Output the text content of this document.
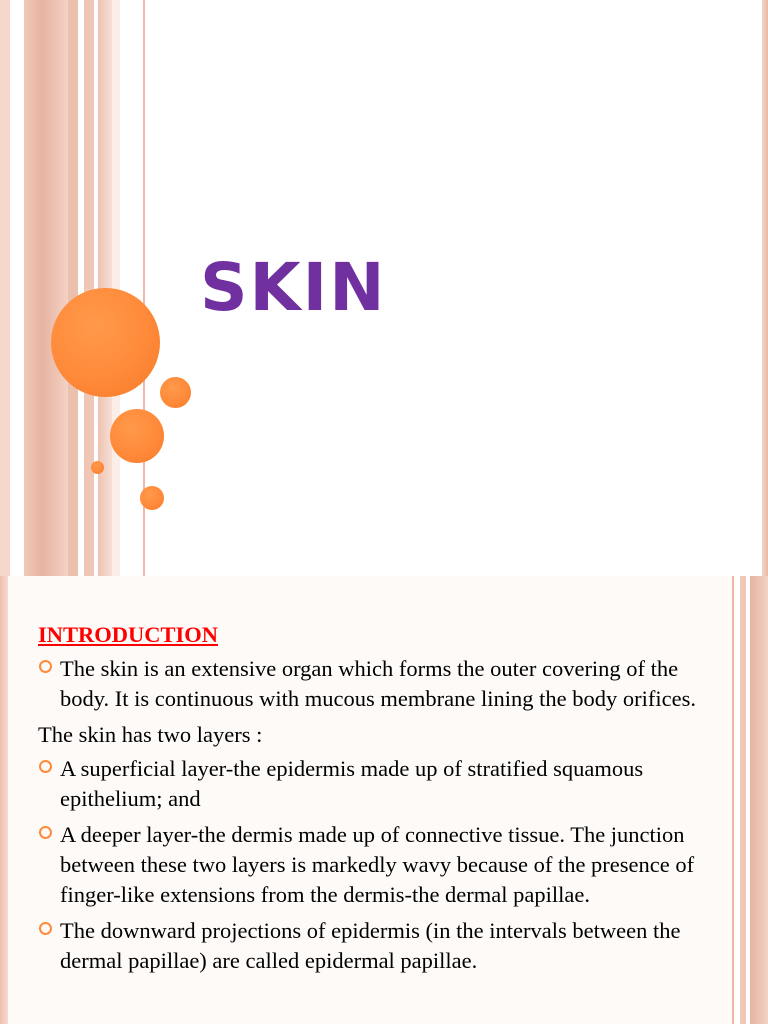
SKIN

INTRODUCTION

The skin is an extensive organ which forms the outer covering of the body. It is continuous with mucous membrane lining the body orifices.

The skin has two layers :

A superficial layer-the epidermis made up of stratified squamous epithelium; and
A deeper layer-the dermis made up of connective tissue. The junction between these two layers is markedly wavy because of the presence of finger-like extensions from the dermis-the dermal papillae.
The downward projections of epidermis (in the intervals between the dermal papillae) are called epidermal papillae.
